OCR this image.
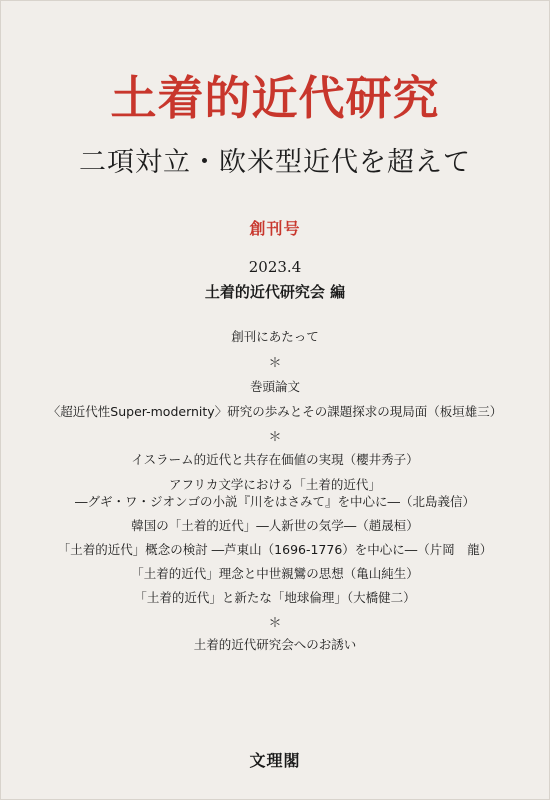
土着的近代研究
二項対立・欧米型近代を超えて
創刊号
2023.4
土着的近代研究会 編
創刊にあたって
＊
巻頭論文
〈超近代性Super-modernity〉研究の歩みとその課題探求の現局面（板垣雄三）
＊
イスラーム的近代と共存在価値の実現（櫻井秀子）
アフリカ文学における「土着的近代」
―グギ・ワ・ジオンゴの小説『川をはさみて』を中心に―（北島義信）
韓国の「土着的近代」―人新世の気学―（趙晟桓）
「土着的近代」概念の検討 ―芦東山（1696-1776）を中心に―（片岡　龍）
「土着的近代」理念と中世親鸞の思想（亀山純生）
「土着的近代」と新たな「地球倫理」（大橋健二）
＊
土着的近代研究会へのお誘い
文理閣
